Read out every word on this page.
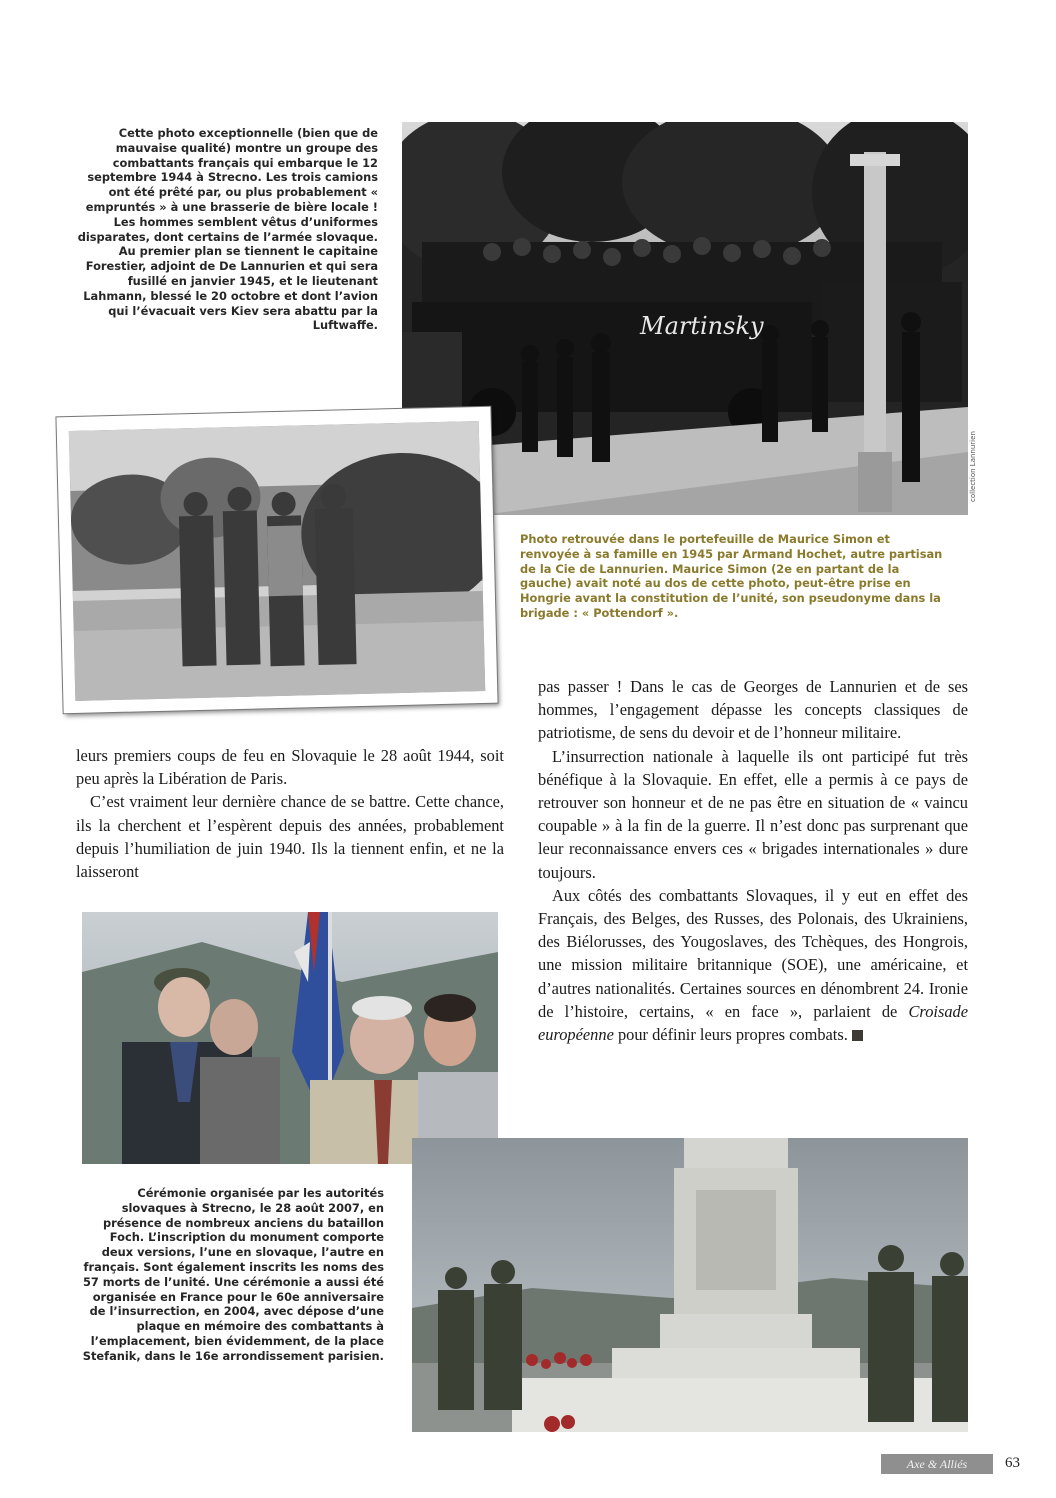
Cette photo exceptionnelle (bien que de mauvaise qualité) montre un groupe des combattants français qui embarque le 12 septembre 1944 à Strecno. Les trois camions ont été prêté par, ou plus probablement « empruntés » à une brasserie de bière locale ! Les hommes semblent vêtus d’uniformes disparates, dont certains de l’armée slovaque. Au premier plan se tiennent le capitaine Forestier, adjoint de De Lannurien et qui sera fusillé en janvier 1945, et le lieutenant Lahmann, blessé le 20 octobre et dont l’avion qui l’évacuait vers Kiev sera abattu par la Luftwaffe.	Martinsky
collection Lannurien
Photo retrouvée dans le portefeuille de Maurice Simon et renvoyée à sa famille en 1945 par Armand Hochet, autre partisan de la Cie de Lannurien. Maurice Simon (2e en partant de la gauche) avait noté au dos de cette photo, peut-être prise en Hongrie avant la constitution de l’unité, son pseudonyme dans la brigade : « Pottendorf ».

leurs premiers coups de feu en Slovaquie le 28 août 1944, soit peu après la Libération de Paris.

C’est vraiment leur dernière chance de se battre. Cette chance, ils la cherchent et l’espèrent depuis des années, probablement depuis l’humiliation de juin 1940. Ils la tiennent enfin, et ne la laisseront

pas passer ! Dans le cas de Georges de Lannurien et de ses hommes, l’engagement dépasse les concepts classiques de patriotisme, de sens du devoir et de l’honneur militaire.

L’insurrection nationale à laquelle ils ont participé fut très bénéfique à la Slovaquie. En effet, elle a permis à ce pays de retrouver son honneur et de ne pas être en situation de « vaincu coupable » à la fin de la guerre. Il n’est donc pas surprenant que leur reconnaissance envers ces « brigades internationales » dure toujours.

Aux côtés des combattants Slovaques, il y eut en effet des Français, des Belges, des Russes, des Polonais, des Ukrainiens, des Biélorusses, des Yougoslaves, des Tchèques, des Hongrois, une mission militaire britannique (SOE), une américaine, et d’autres nationalités. Certaines sources en dénombrent 24. Ironie de l’histoire, certains, « en face », parlaient de Croisade européenne pour définir leurs propres combats.

Cérémonie organisée par les autorités slovaques à Strecno, le 28 août 2007, en présence de nombreux anciens du bataillon Foch. L’inscription du monument comporte deux versions, l’une en slovaque, l’autre en français. Sont également inscrits les noms des 57 morts de l’unité. Une cérémonie a aussi été organisée en France pour le 60e anniversaire de l’insurrection, en 2004, avec dépose d’une plaque en mémoire des combattants à l’emplacement, bien évidemment, de la place Stefanik, dans le 16e arrondissement parisien.
Axe & Alliés	63
